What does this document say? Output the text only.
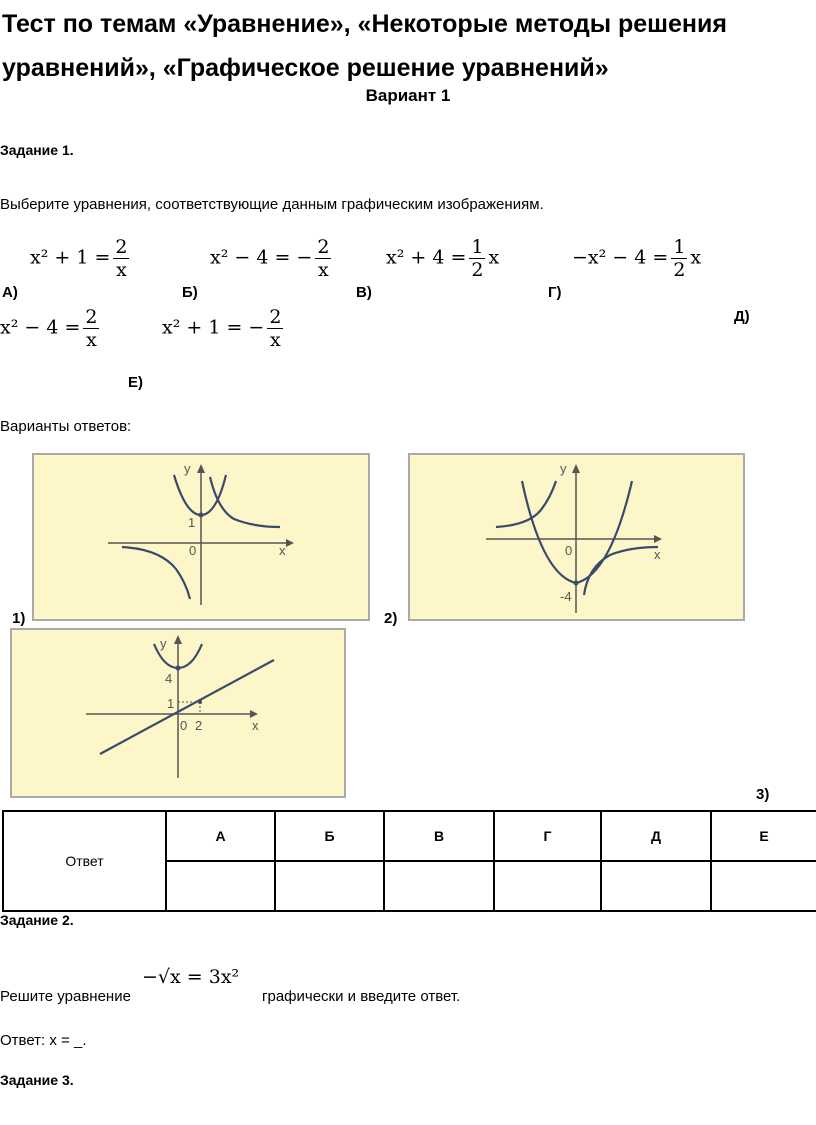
Тест по темам «Уравнение», «Некоторые методы решения уравнений», «Графическое решение уравнений»
Вариант 1
Задание 1.
Выберите уравнения, соответствующие данным графическим изображениям.
$x^2 + 1 = \frac{2}{x}$
А)
x² − 4 = − $\frac{2}{x}$
Б)
$x^2 + 4 = \frac{1}{2}$ x
В)
$-x^2 - 4 = \frac{1}{2}$ x
Г)
$x^2 - 4 = \frac{2}{x}$	Д)
x² + 1 = − $\frac{2}{x}$
Е)
Варианты ответов:
y
x
0
1
1)
y
x
0
-4
2)
y
x
0 2
1
4
3)
Ответ	А	Б	В	Г	Д	Е

Задание 2.
Решите уравнение
−√x = 3x²
графически и введите ответ.
Ответ: x = _.
Задание 3.
